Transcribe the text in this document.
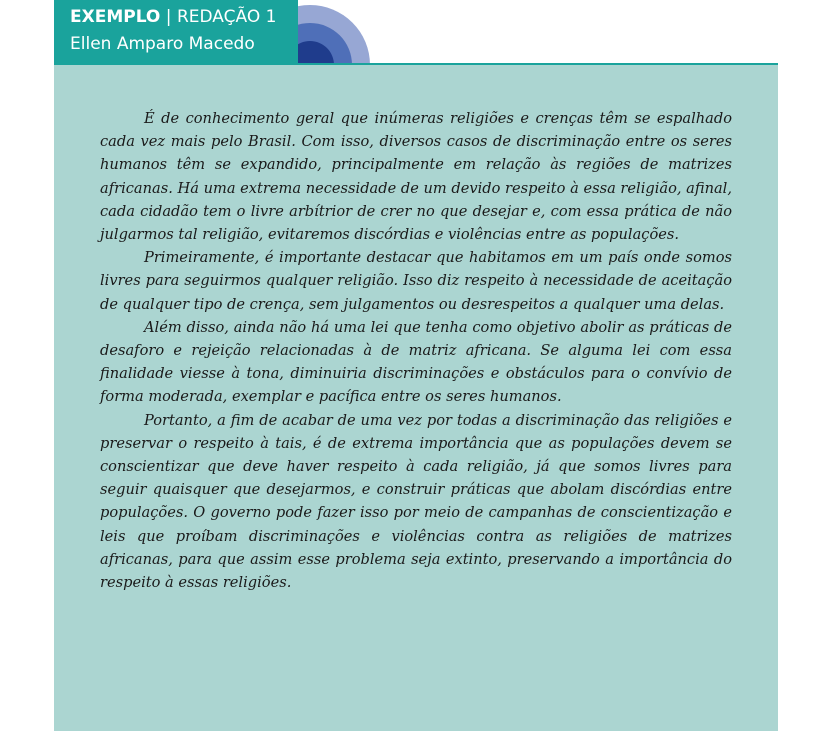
EXEMPLO | REDAÇÃO 1
Ellen Amparo Macedo

É de conhecimento geral que inúmeras religiões e crenças têm se espalhado cada vez mais pelo Brasil. Com isso, diversos casos de discriminação entre os seres humanos têm se expandido, principalmente em relação às regiões de matrizes africanas. Há uma extrema necessidade de um devido respeito à essa religião, afinal, cada cidadão tem o livre arbítrior de crer no que desejar e, com essa prática de não julgarmos tal religião, evitaremos discórdias e violências entre as populações.

Primeiramente, é importante destacar que habitamos em um país onde somos livres para seguirmos qualquer religião. Isso diz respeito à necessidade de aceitação de qualquer tipo de crença, sem julgamentos ou desrespeitos a qualquer uma delas.

Além disso, ainda não há uma lei que tenha como objetivo abolir as práticas de desaforo e rejeição relacionadas à de matriz africana. Se alguma lei com essa finalidade viesse à tona, diminuiria discriminações e obstáculos para o convívio de forma moderada, exemplar e pacífica entre os seres humanos.

Portanto, a fim de acabar de uma vez por todas a discriminação das religiões e preservar o respeito à tais, é de extrema importância que as populações devem se conscientizar que deve haver respeito à cada religião, já que somos livres para seguir quaisquer que desejarmos, e construir práticas que abolam discórdias entre populações. O governo pode fazer isso por meio de campanhas de conscientização e leis que proíbam discriminações e violências contra as religiões de matrizes africanas, para que assim esse problema seja extinto, preservando a importância do respeito à essas religiões.
